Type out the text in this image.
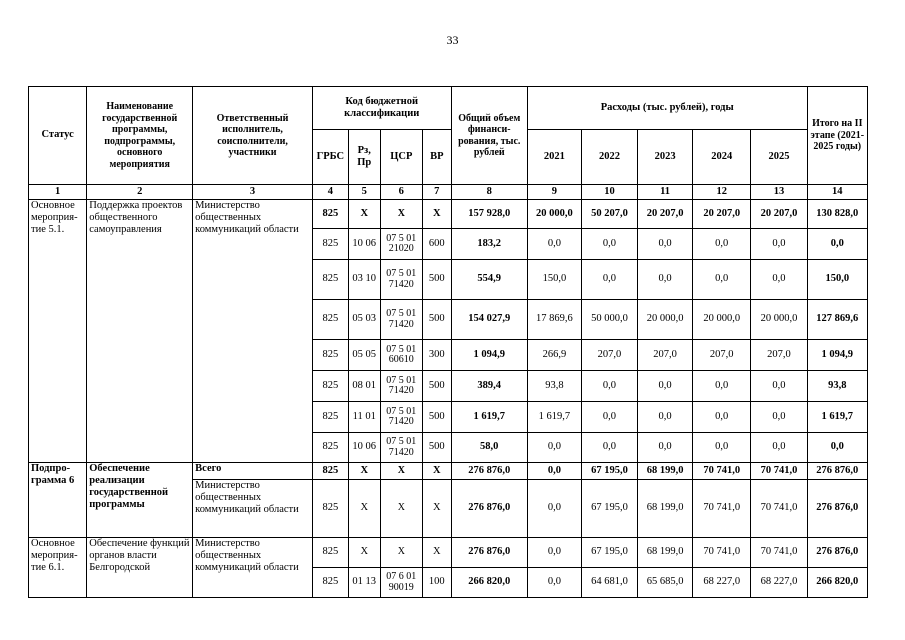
33
Статус	Наименование государственной программы, подпрограммы, основного мероприятия	Ответственный исполнитель, соисполнители, участники	Код бюджетной классификации				Общий объем финанси-рования, тыс. рублей	Расходы (тыс. рублей), годы					Итого на II этапе (2021-2025 годы)
			ГРБС	Рз, Пр	ЦСР	ВР		2021	2022	2023	2024	2025	
1	2	3	4	5	6	7	8	9	10	11	12	13	14
Основное мероприя-тие 5.1.	Поддержка проектов общественного самоуправления	Министерство общественных коммуникаций области	825	Х	Х	Х	157 928,0	20 000,0	50 207,0	20 207,0	20 207,0	20 207,0	130 828,0
			825	10 06	07 5 01 21020	600	183,2	0,0	0,0	0,0	0,0	0,0	0,0
			825	03 10	07 5 01 71420	500	554,9	150,0	0,0	0,0	0,0	0,0	150,0
			825	05 03	07 5 01 71420	500	154 027,9	17 869,6	50 000,0	20 000,0	20 000,0	20 000,0	127 869,6
			825	05 05	07 5 01 60610	300	1 094,9	266,9	207,0	207,0	207,0	207,0	1 094,9
			825	08 01	07 5 01 71420	500	389,4	93,8	0,0	0,0	0,0	0,0	93,8
			825	11 01	07 5 01 71420	500	1 619,7	1 619,7	0,0	0,0	0,0	0,0	1 619,7
			825	10 06	07 5 01 71420	500	58,0	0,0	0,0	0,0	0,0	0,0	0,0
Подпро-грамма 6	Обеспечение реализации государственной программы	Всего	825	Х	Х	Х	276 876,0	0,0	67 195,0	68 199,0	70 741,0	70 741,0	276 876,0
		Министерство общественных коммуникаций области	825	Х	Х	Х	276 876,0	0,0	67 195,0	68 199,0	70 741,0	70 741,0	276 876,0
Основное мероприя-тие 6.1.	Обеспечение функций органов власти Белгородской	Министерство общественных коммуникаций области	825	Х	Х	Х	276 876,0	0,0	67 195,0	68 199,0	70 741,0	70 741,0	276 876,0
			825	01 13	07 6 01 90019	100	266 820,0	0,0	64 681,0	65 685,0	68 227,0	68 227,0	266 820,0
